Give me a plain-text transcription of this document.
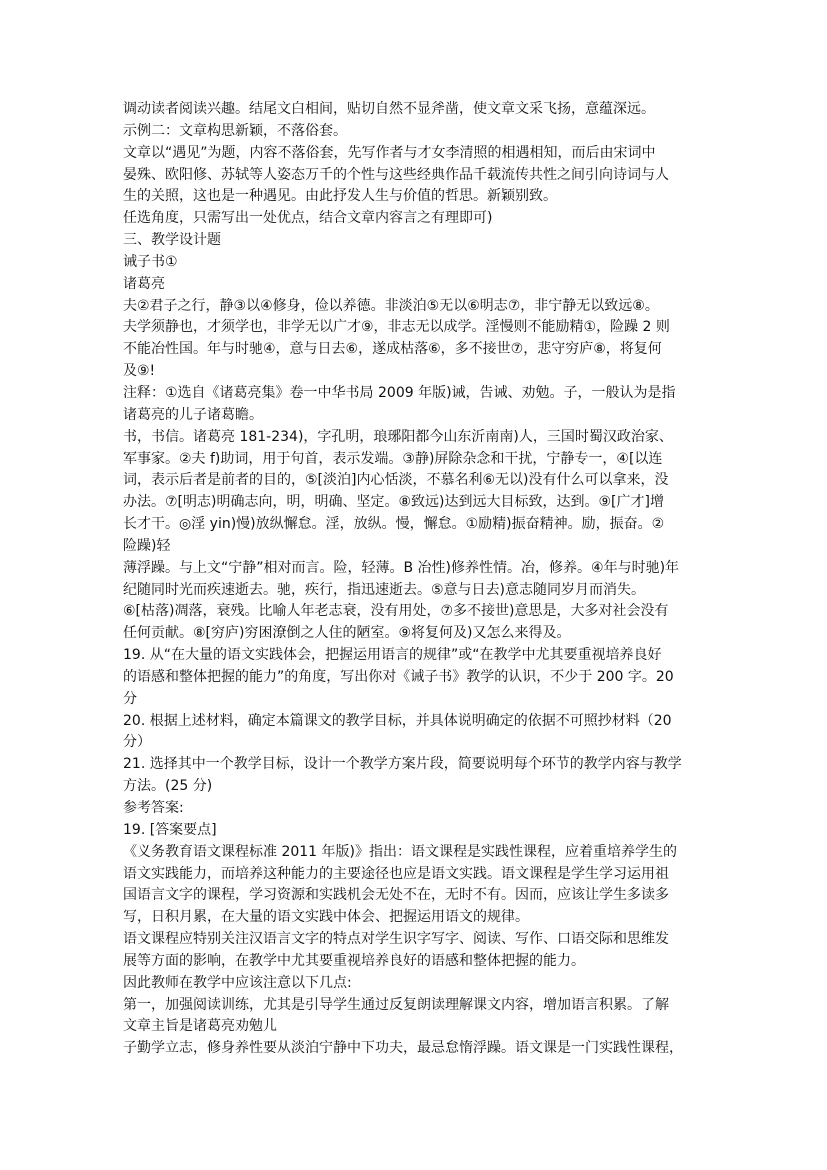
调动读者阅读兴趣。结尾文白相间，贴切自然不显斧凿，使文章文采飞扬，意蕴深远。
示例二：文章构思新颖，不落俗套。
文章以“遇见”为题，内容不落俗套，先写作者与才女李清照的相遇相知，而后由宋词中
晏殊、欧阳修、苏轼等人姿态万千的个性与这些经典作品千载流传共性之间引向诗词与人
生的关照，这也是一种遇见。由此抒发人生与价值的哲思。新颖别致。
任选角度，只需写出一处优点，结合文章内容言之有理即可)
三、教学设计题
诫子书①
诸葛亮
夫②君子之行，静③以④修身，俭以养德。非淡泊⑤无以⑥明志⑦，非宁静无以致远⑧。
夫学须静也，才须学也，非学无以广才⑨，非志无以成学。淫慢则不能励精①，险躁 2 则
不能冶性国。年与时驰④，意与日去⑥，遂成枯落⑥，多不接世⑦，悲守穷庐⑧，将复何
及⑨!
注释：①选自《诸葛亮集》卷一中华书局 2009 年版)诫，告诫、劝勉。子，一般认为是指
诸葛亮的儿子诸葛瞻。
书，书信。诸葛亮 181-234)，字孔明，琅琊阳都今山东沂南南)人，三国时蜀汉政治家、
军事家。②夫 f)助词，用于句首，表示发端。③静)屏除杂念和干扰，宁静专一，④[以连
词，表示后者是前者的目的，⑤[淡泊]内心恬淡，不慕名利⑥无以)没有什么可以拿来，没
办法。⑦[明志)明确志向，明，明确、坚定。⑧致远)达到远大目标致，达到。⑨[广才]增
长才干。◎淫 yin)慢)放纵懈怠。淫，放纵。慢，懈怠。①励精)振奋精神。励，振奋。②
险躁)轻
薄浮躁。与上文“宁静”相对而言。险，轻薄。B 冶性)修养性情。冶，修养。④年与时驰)年
纪随同时光而疾速逝去。驰，疾行，指迅速逝去。⑤意与日去)意志随同岁月而消失。
⑥[枯落)凋落，衰残。比喻人年老志衰，没有用处，⑦多不接世)意思是，大多对社会没有
任何贡献。⑧[穷庐)穷困潦倒之人住的陋室。⑨将复何及)又怎么来得及。
19. 从“在大量的语文实践体会，把握运用语言的规律”或“在教学中尤其要重视培养良好
的语感和整体把握的能力”的角度，写出你对《诫子书》教学的认识，不少于 200 字。20
分
20. 根据上述材料，确定本篇课文的教学目标，并具体说明确定的依据不可照抄材料（20
分）
21. 选择其中一个教学目标，设计一个教学方案片段，简要说明每个环节的教学内容与教学
方法。(25 分)
参考答案:
19. [答案要点]
《义务教育语文课程标准 2011 年版)》指出：语文课程是实践性课程，应着重培养学生的
语文实践能力，而培养这种能力的主要途径也应是语文实践。语文课程是学生学习运用祖
国语言文字的课程，学习资源和实践机会无处不在，无时不有。因而，应该让学生多读多
写，日积月累，在大量的语文实践中体会、把握运用语文的规律。
语文课程应特别关注汉语言文字的特点对学生识字写字、阅读、写作、口语交际和思维发
展等方面的影响，在教学中尤其要重视培养良好的语感和整体把握的能力。
因此教师在教学中应该注意以下几点:
第一，加强阅读训练，尤其是引导学生通过反复朗读理解课文内容，增加语言积累。了解
文章主旨是诸葛亮劝勉儿
子勤学立志，修身养性要从淡泊宁静中下功夫，最忌怠惰浮躁。语文课是一门实践性课程，
